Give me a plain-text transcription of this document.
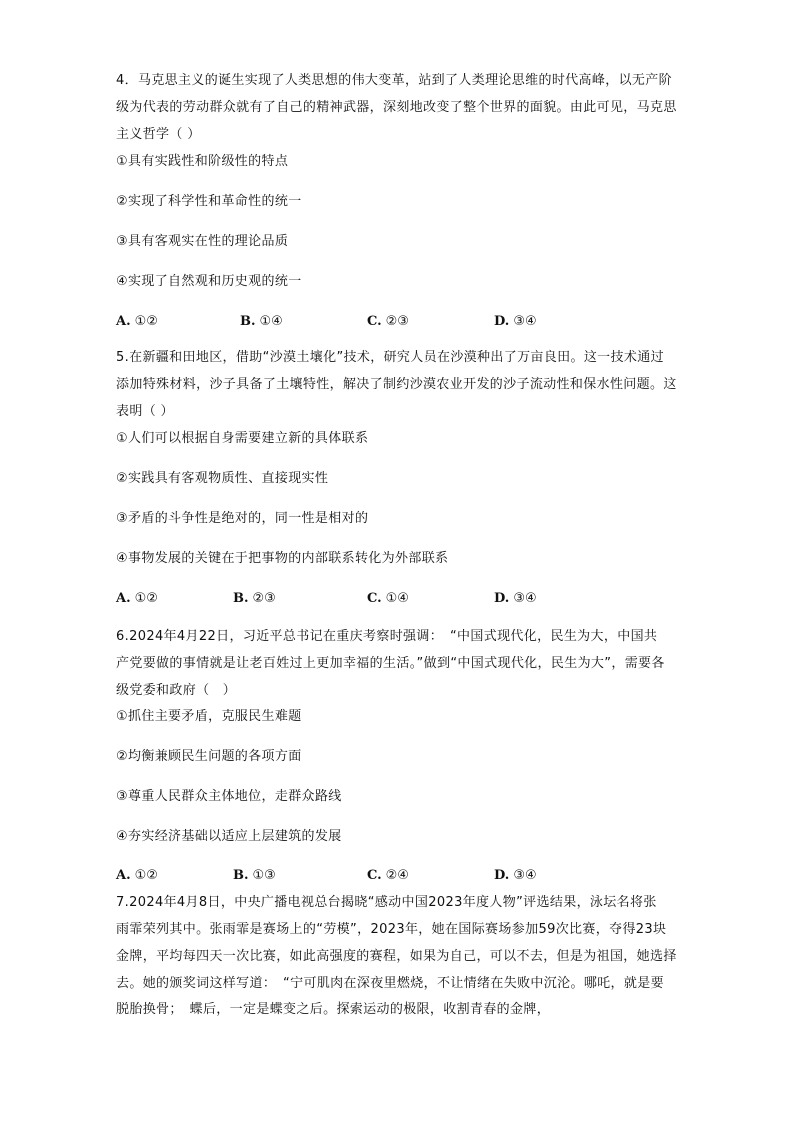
4．马克思主义的诞生实现了人类思想的伟大变革，站到了人类理论思维的时代高峰，以无产阶
级为代表的劳动群众就有了自己的精神武器，深刻地改变了整个世界的面貌。由此可见，马克思
主义哲学（ ）
①具有实践性和阶级性的特点
②实现了科学性和革命性的统一
③具有客观实在性的理论品质
④实现了自然观和历史观的统一
A. ①②	B. ①④	C. ②③	D. ③④
5.在新疆和田地区，借助“沙漠土壤化”技术，研究人员在沙漠种出了万亩良田。这一技术通过
添加特殊材料，沙子具备了土壤特性，解决了制约沙漠农业开发的沙子流动性和保水性问题。这
表明（ ）
①人们可以根据自身需要建立新的具体联系
②实践具有客观物质性、直接现实性
③矛盾的斗争性是绝对的，同一性是相对的
④事物发展的关键在于把事物的内部联系转化为外部联系
A. ①②	B. ②③	C. ①④	D. ③④
6.2024年4月22日，习近平总书记在重庆考察时强调：　“中国式现代化，民生为大，中国共
产党要做的事情就是让老百姓过上更加幸福的生活。”做到“中国式现代化，民生为大”，需要各
级党委和政府（　）
①抓住主要矛盾，克服民生难题
②均衡兼顾民生问题的各项方面
③尊重人民群众主体地位，走群众路线
④夯实经济基础以适应上层建筑的发展
A. ①②	B. ①③	C. ②④	D. ③④
7.2024年4月8日，中央广播电视总台揭晓“感动中国2023年度人物”评选结果，泳坛名将张
雨霏荣列其中。张雨霏是赛场上的“劳模”，2023年，她在国际赛场参加59次比赛，夺得23块
金牌，平均每四天一次比赛，如此高强度的赛程，如果为自己，可以不去，但是为祖国，她选择
去。她的颁奖词这样写道：　“宁可肌肉在深夜里燃烧，不让情绪在失败中沉沦。哪吒，就是要
脱胎换骨；　蝶后，一定是蝶变之后。探索运动的极限，收割青春的金牌，
